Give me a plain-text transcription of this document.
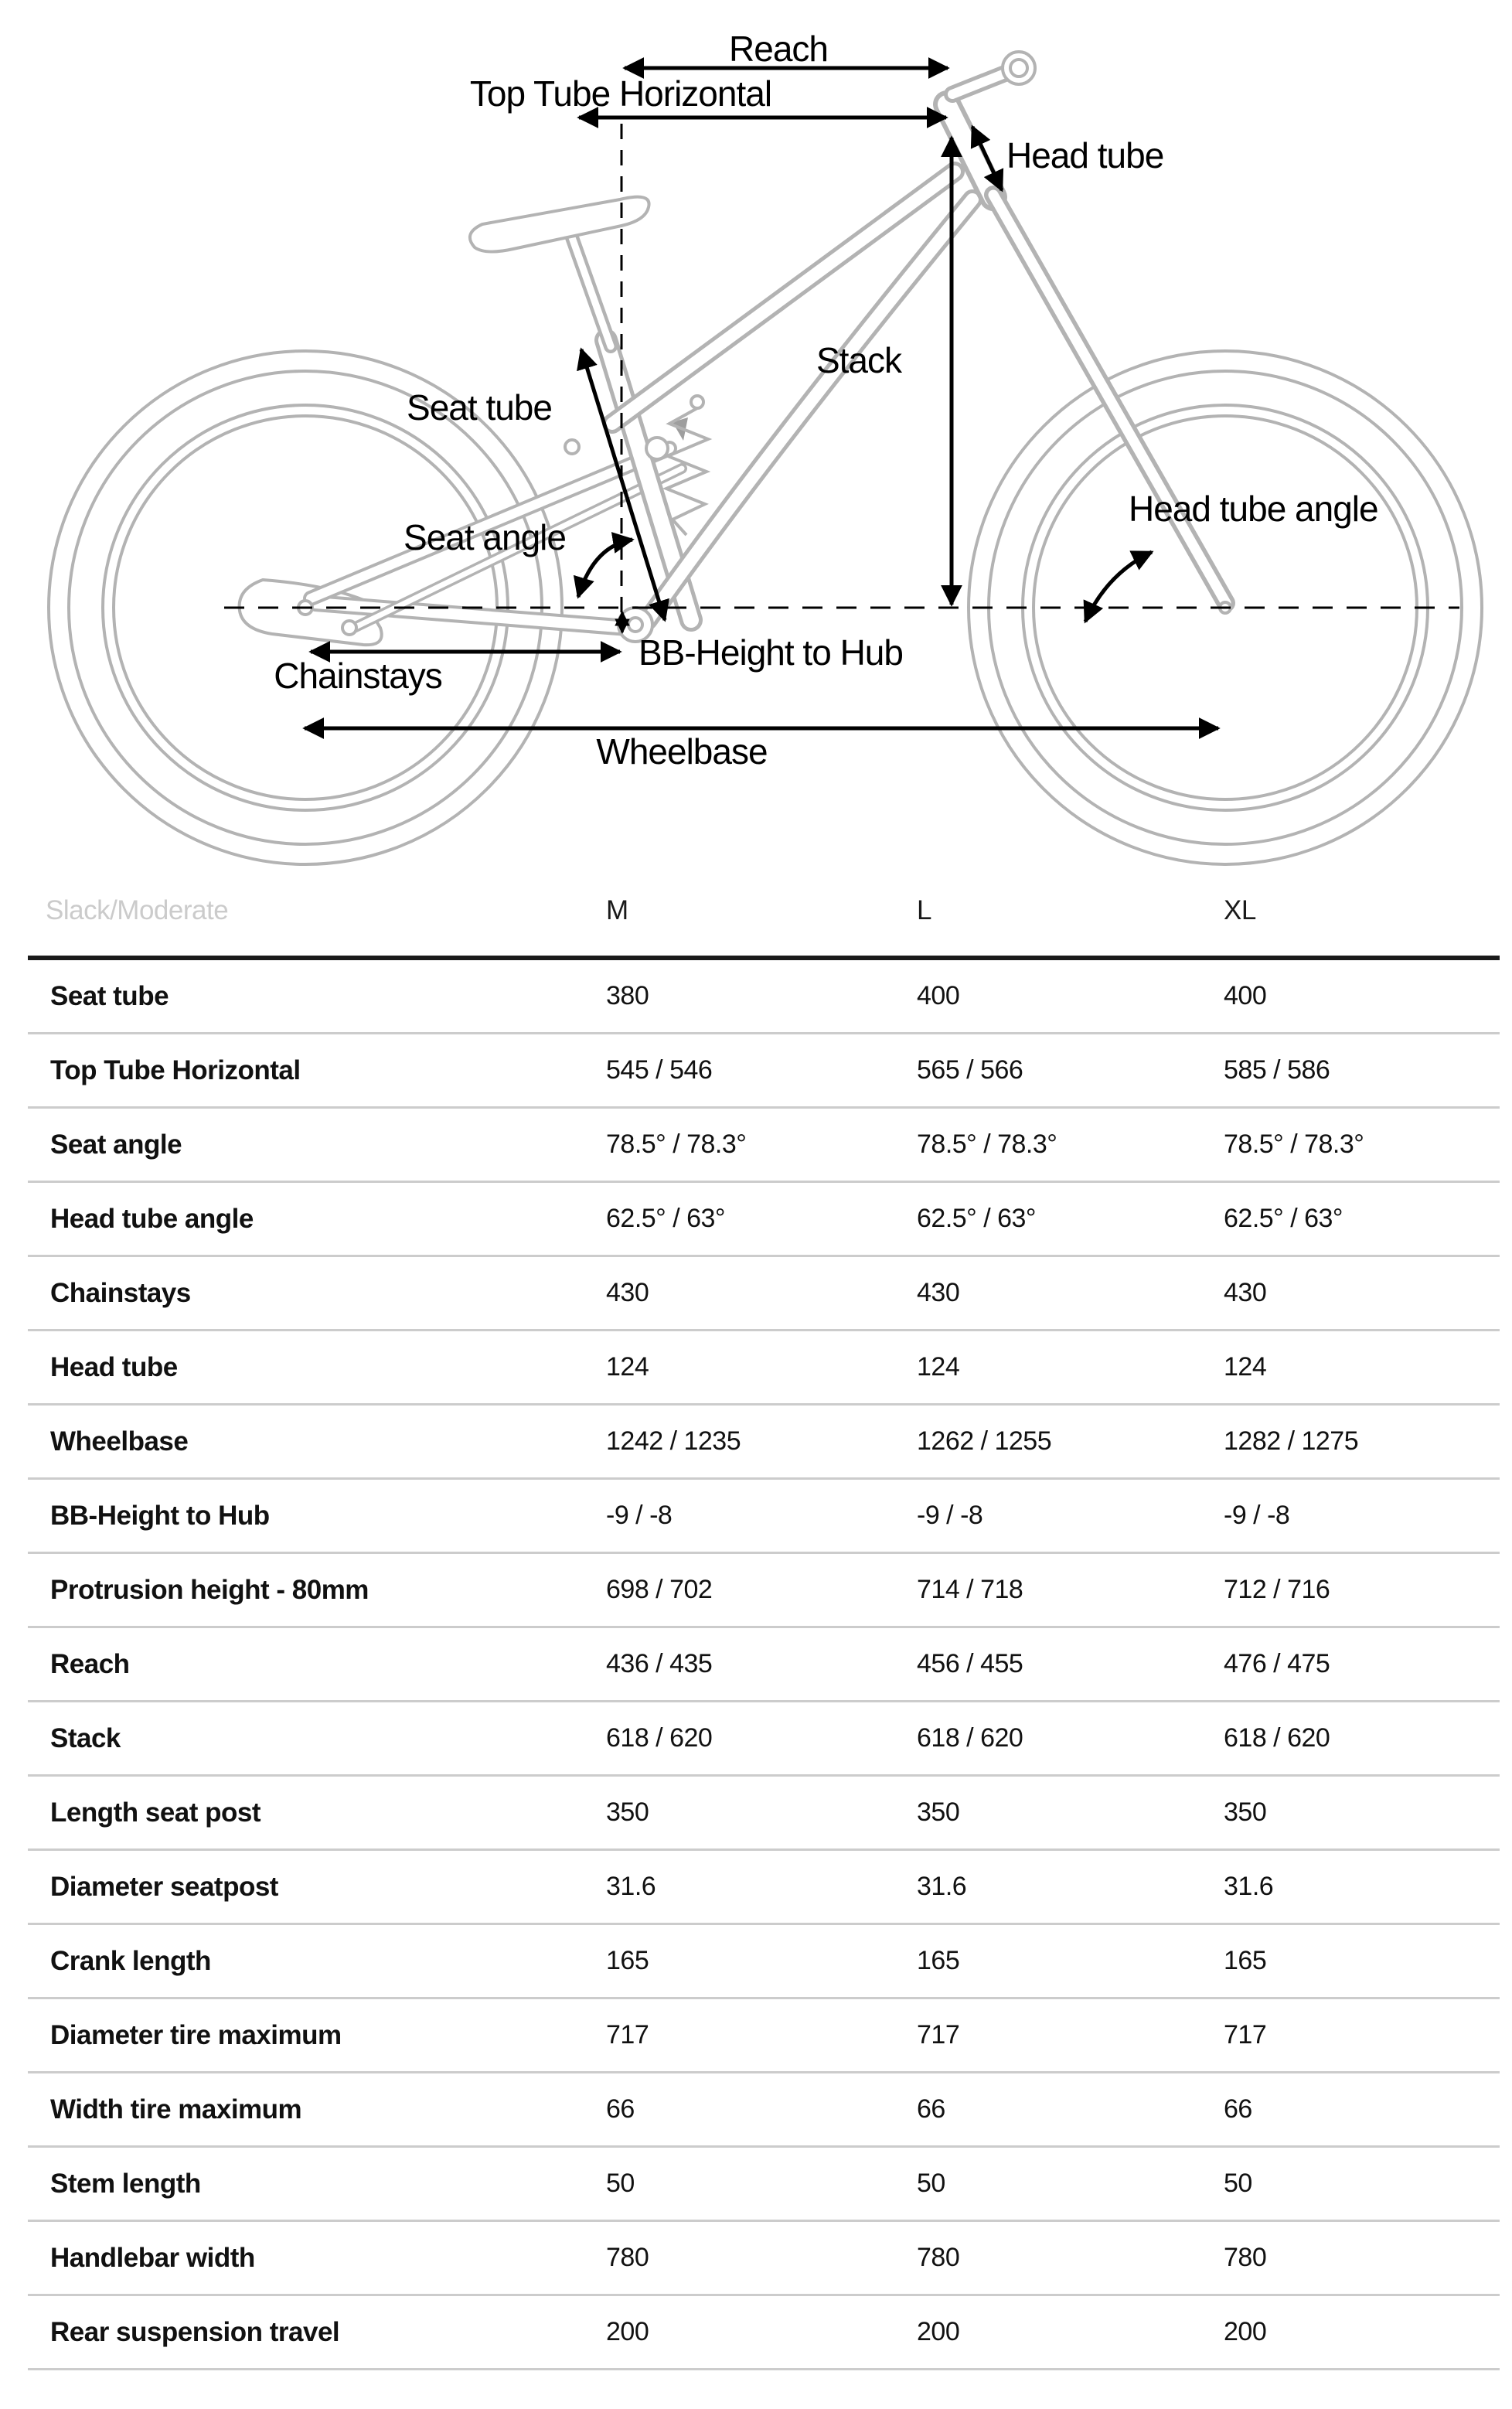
Reach
Top Tube Horizontal
Head tube
Stack
Seat tube
Seat angle
Head tube angle
BB-Height to Hub
Chainstays
Wheelbase
Slack/Moderate	M	L	XL
Seat tube	380	400	400
Top Tube Horizontal	545 / 546	565 / 566	585 / 586
Seat angle	78.5° / 78.3°	78.5° / 78.3°	78.5° / 78.3°
Head tube angle	62.5° / 63°	62.5° / 63°	62.5° / 63°
Chainstays	430	430	430
Head tube	124	124	124
Wheelbase	1242 / 1235	1262 / 1255	1282 / 1275
BB-Height to Hub	-9 / -8	-9 / -8	-9 / -8
Protrusion height - 80mm	698 / 702	714 / 718	712 / 716
Reach	436 / 435	456 / 455	476 / 475
Stack	618 / 620	618 / 620	618 / 620
Length seat post	350	350	350
Diameter seatpost	31.6	31.6	31.6
Crank length	165	165	165
Diameter tire maximum	717	717	717
Width tire maximum	66	66	66
Stem length	50	50	50
Handlebar width	780	780	780
Rear suspension travel	200	200	200
